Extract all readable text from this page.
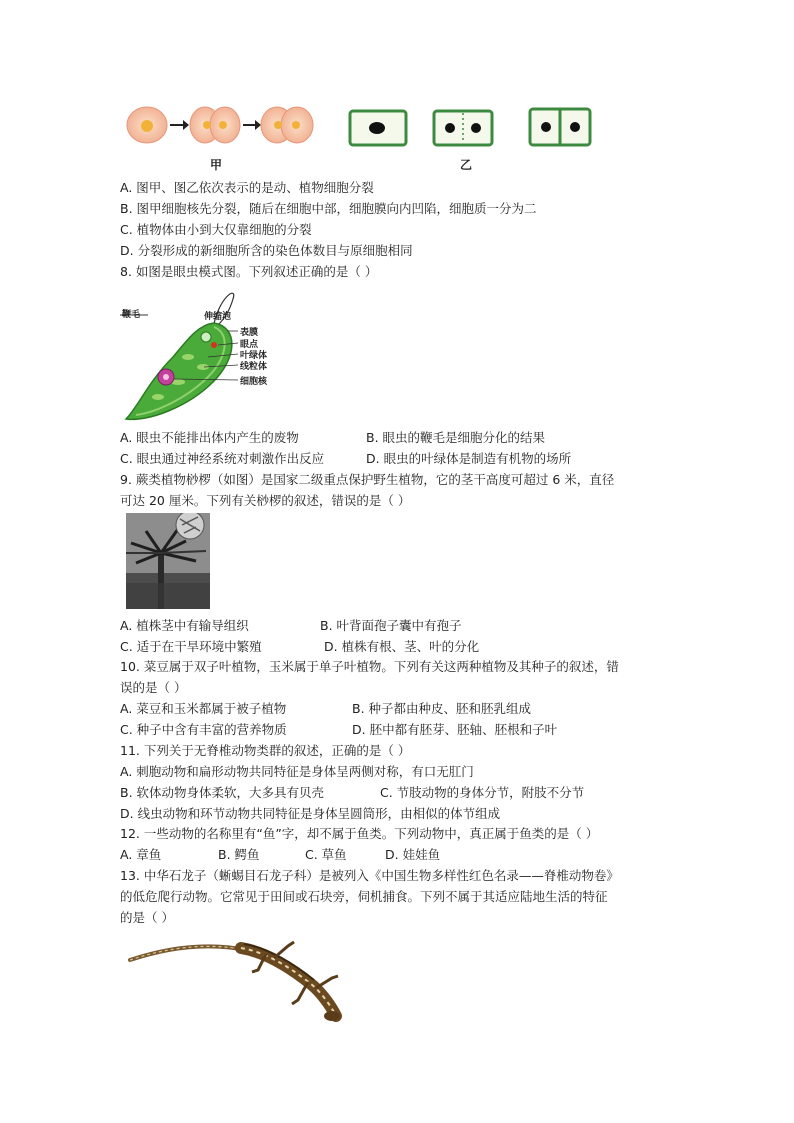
甲	乙
A. 图甲、图乙依次表示的是动、植物细胞分裂
B. 图甲细胞核先分裂，随后在细胞中部，细胞膜向内凹陷，细胞质一分为二
C. 植物体由小到大仅靠细胞的分裂
D. 分裂形成的新细胞所含的染色体数目与原细胞相同
8. 如图是眼虫模式图。下列叙述正确的是（ ）
鞭毛	伸缩泡
表膜
眼点
叶绿体
线粒体
细胞核
A. 眼虫不能排出体内产生的废物	B. 眼虫的鞭毛是细胞分化的结果
C. 眼虫通过神经系统对刺激作出反应	D. 眼虫的叶绿体是制造有机物的场所
9. 蕨类植物桫椤（如图）是国家二级重点保护野生植物，它的茎干高度可超过 6 米，直径
可达 20 厘米。下列有关桫椤的叙述，错误的是（ ）
A. 植株茎中有输导组织	B. 叶背面孢子囊中有孢子
C. 适于在干旱环境中繁殖	D. 植株有根、茎、叶的分化
10. 菜豆属于双子叶植物，玉米属于单子叶植物。下列有关这两种植物及其种子的叙述，错
误的是（ ）
A. 菜豆和玉米都属于被子植物	B. 种子都由种皮、胚和胚乳组成
C. 种子中含有丰富的营养物质	D. 胚中都有胚芽、胚轴、胚根和子叶
11. 下列关于无脊椎动物类群的叙述，正确的是（ ）
A. 刺胞动物和扁形动物共同特征是身体呈两侧对称，有口无肛门
B. 软体动物身体柔软，大多具有贝壳	C. 节肢动物的身体分节，附肢不分节
D. 线虫动物和环节动物共同特征是身体呈圆筒形，由相似的体节组成
12. 一些动物的名称里有“鱼”字，却不属于鱼类。下列动物中，真正属于鱼类的是（ ）
A. 章鱼	B. 鳄鱼	C. 草鱼	D. 娃娃鱼
13. 中华石龙子（蜥蜴目石龙子科）是被列入《中国生物多样性红色名录——脊椎动物卷》
的低危爬行动物。它常见于田间或石块旁，伺机捕食。下列不属于其适应陆地生活的特征
的是（ ）
